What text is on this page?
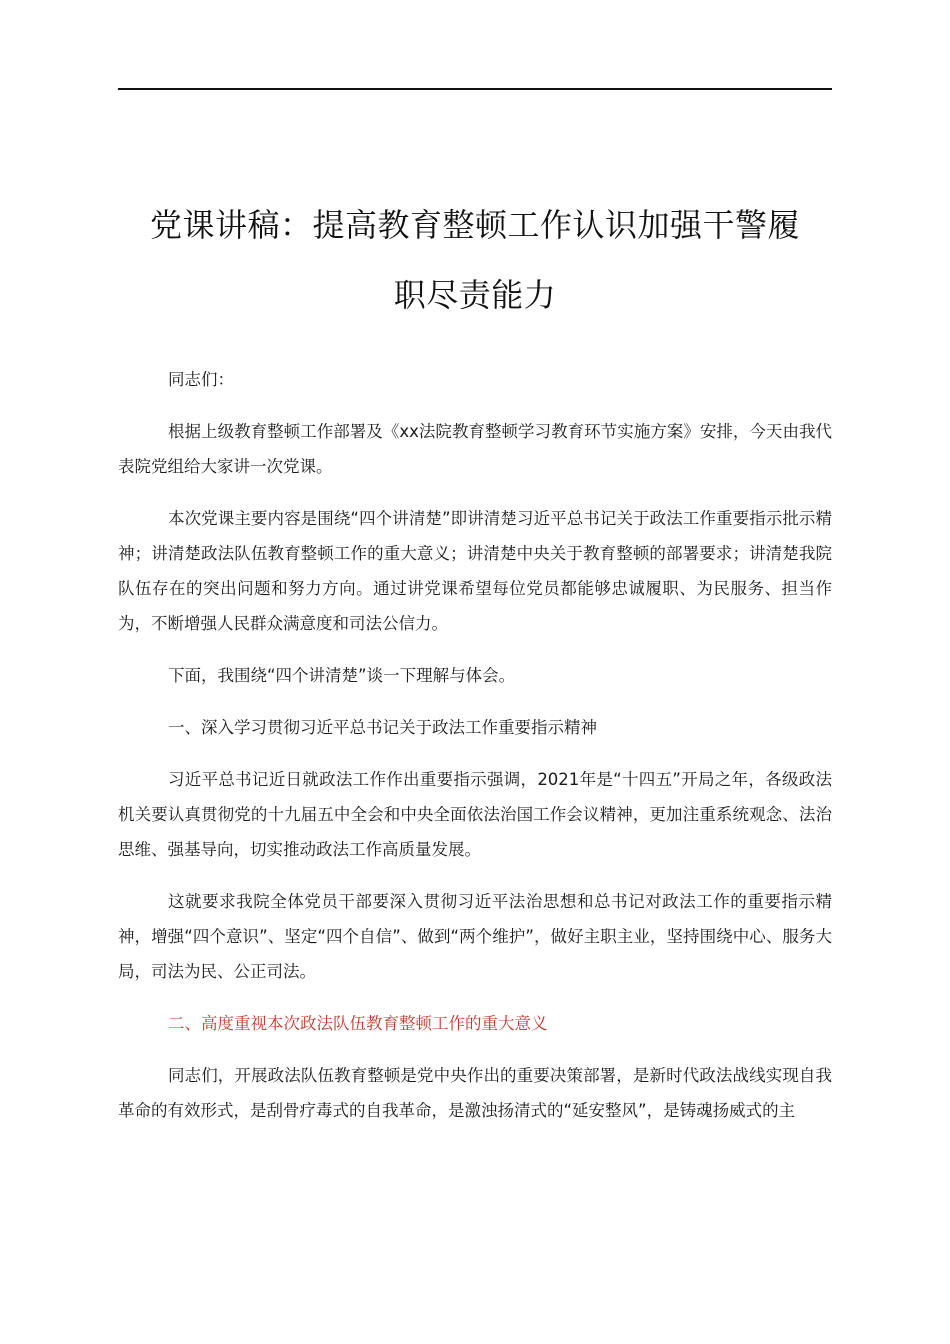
党课讲稿：提高教育整顿工作认识加强干警履
职尽责能力

同志们：

根据上级教育整顿工作部署及《xx法院教育整顿学习教育环节实施方案》安排，今天由我代表院党组给大家讲一次党课。

本次党课主要内容是围绕“四个讲清楚”即讲清楚习近平总书记关于政法工作重要指示批示精神；讲清楚政法队伍教育整顿工作的重大意义；讲清楚中央关于教育整顿的部署要求；讲清楚我院队伍存在的突出问题和努力方向。通过讲党课希望每位党员都能够忠诚履职、为民服务、担当作为，不断增强人民群众满意度和司法公信力。

下面，我围绕“四个讲清楚”谈一下理解与体会。

一、深入学习贯彻习近平总书记关于政法工作重要指示精神

习近平总书记近日就政法工作作出重要指示强调，2021年是“十四五”开局之年，各级政法机关要认真贯彻党的十九届五中全会和中央全面依法治国工作会议精神，更加注重系统观念、法治思维、强基导向，切实推动政法工作高质量发展。

这就要求我院全体党员干部要深入贯彻习近平法治思想和总书记对政法工作的重要指示精神，增强“四个意识”、坚定“四个自信”、做到“两个维护”，做好主职主业，坚持围绕中心、服务大局，司法为民、公正司法。

二、高度重视本次政法队伍教育整顿工作的重大意义

同志们，开展政法队伍教育整顿是党中央作出的重要决策部署，是新时代政法战线实现自我革命的有效形式，是刮骨疗毒式的自我革命，是激浊扬清式的“延安整风”，是铸魂扬威式的主
